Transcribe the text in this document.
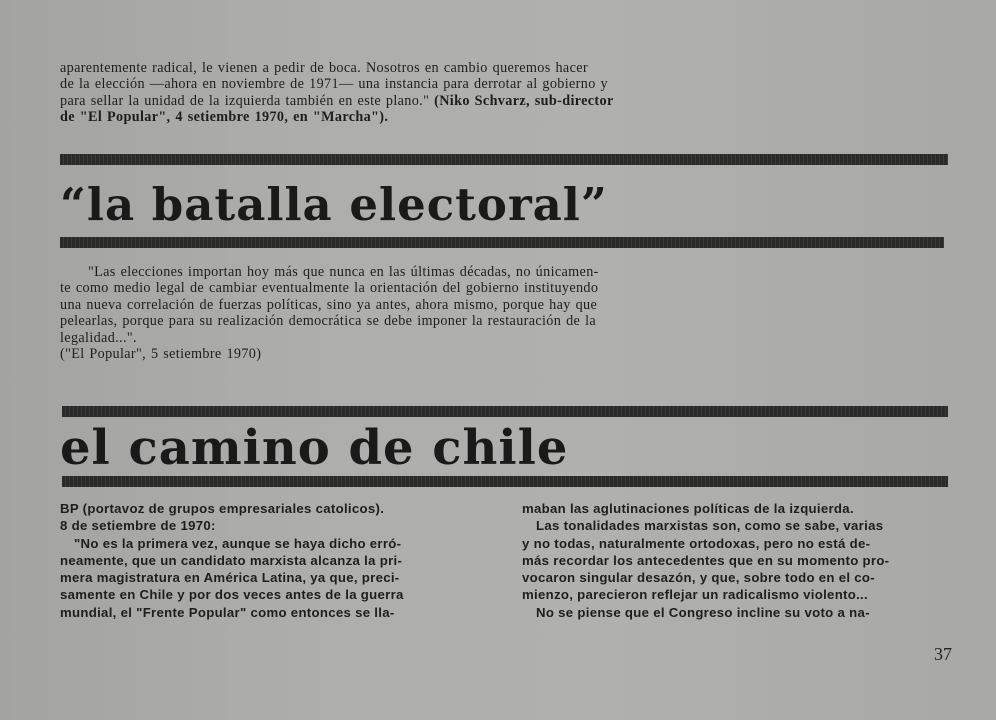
aparentemente radical, le vienen a pedir de boca. Nosotros en cambio queremos hacer
de la elección —ahora en noviembre de 1971— una instancia para derrotar al gobierno y
para sellar la unidad de la izquierda también en este plano." (Niko Schvarz, sub-director
de "El Popular", 4 setiembre 1970, en "Marcha").
“la batalla electoral”
"Las elecciones importan hoy más que nunca en las últimas décadas, no únicamen-
te como medio legal de cambiar eventualmente la orientación del gobierno instituyendo
una nueva correlación de fuerzas políticas, sino ya antes, ahora mismo, porque hay que
pelearlas, porque para su realización democrática se debe imponer la restauración de la
legalidad...".
("El Popular", 5 setiembre 1970)
el camino de chile
BP (portavoz de grupos empresariales catolicos).
8 de setiembre de 1970:
"No es la primera vez, aunque se haya dicho erró-
neamente, que un candidato marxista alcanza la pri-
mera magistratura en América Latina, ya que, preci-
samente en Chile y por dos veces antes de la guerra
mundial, el "Frente Popular" como entonces se lla-
maban las aglutinaciones políticas de la izquierda.
Las tonalidades marxistas son, como se sabe, varias
y no todas, naturalmente ortodoxas, pero no está de-
más recordar los antecedentes que en su momento pro-
vocaron singular desazón, y que, sobre todo en el co-
mienzo, parecieron reflejar un radicalismo violento...
No se piense que el Congreso incline su voto a na-
37
